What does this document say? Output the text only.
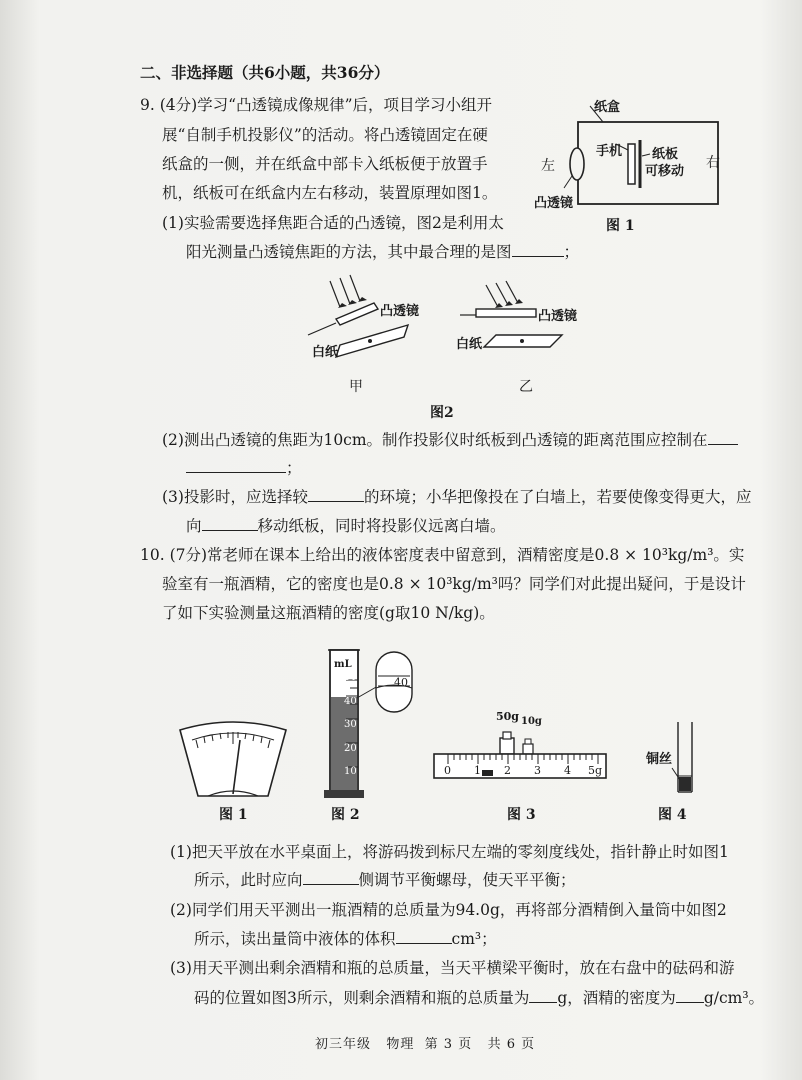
二、非选择题（共6小题，共36分）
9. (4分)学习“凸透镜成像规律”后，项目学习小组开
展“自制手机投影仪”的活动。将凸透镜固定在硬
纸盒的一侧，并在纸盒中部卡入纸板便于放置手
机，纸板可在纸盒内左右移动，装置原理如图1。
(1)实验需要选择焦距合适的凸透镜，图2是利用太
阳光测量凸透镜焦距的方法，其中最合理的是图	；
纸盒
手机 纸板
可移动
左	右
凸透镜
图 1
凸透镜
白纸
凸透镜
白纸
甲	乙
图2
(2)测出凸透镜的焦距为10cm。制作投影仪时纸板到凸透镜的距离范围应控制在
；
(3)投影时，应选择较	的环境；小华把像投在了白墙上，若要使像变得更大，应
向	移动纸板，同时将投影仪远离白墙。
10. (7分)常老师在课本上给出的液体密度表中留意到，酒精密度是0.8 × 10³kg/m³。实
验室有一瓶酒精，它的密度也是0.8 × 10³kg/m³吗？同学们对此提出疑问，于是设计
了如下实验测量这瓶酒精的密度(g取10 N/kg)。
mL
50
40
30
20
10
40
50g 10g
0 1 2 3 4 5g
铜丝
图 1	图 2	图 3	图 4
(1)把天平放在水平桌面上，将游码拨到标尺左端的零刻度线处，指针静止时如图1
所示，此时应向	侧调节平衡螺母，使天平平衡；
(2)同学们用天平测出一瓶酒精的总质量为94.0g，再将部分酒精倒入量筒中如图2
所示，读出量筒中液体的体积	cm³；
(3)用天平测出剩余酒精和瓶的总质量，当天平横梁平衡时，放在右盘中的砝码和游
码的位置如图3所示，则剩余酒精和瓶的总质量为 g，酒精的密度为 g/cm³。
初三年级   物理  第 3 页   共 6 页
